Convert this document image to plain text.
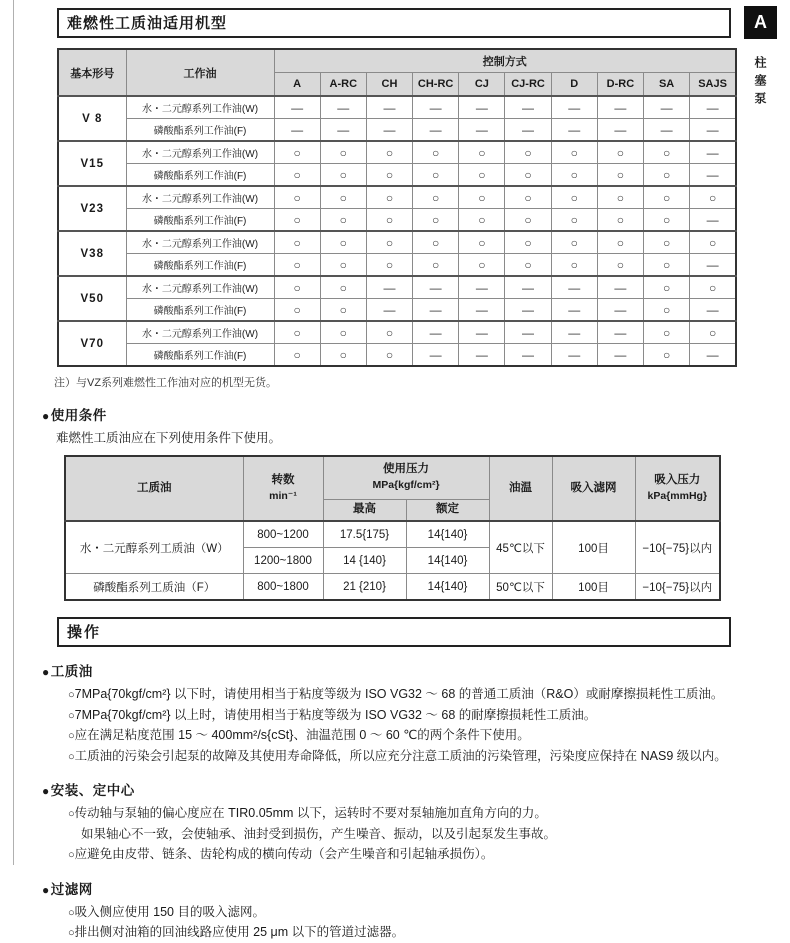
A
柱塞泵
难燃性工质油适用机型
基本形号	工作油	控制方式									
		A	A-RC	CH	CH-RC	CJ	CJ-RC	D	D-RC	SA	SAJS
V 8	水・二元醇系列工作油(W)	—	—	—	—	—	—	—	—	—	—
	磷酸酯系列工作油(F)	—	—	—	—	—	—	—	—	—	—
V15	水・二元醇系列工作油(W)	○	○	○	○	○	○	○	○	○	—
	磷酸酯系列工作油(F)	○	○	○	○	○	○	○	○	○	—
V23	水・二元醇系列工作油(W)	○	○	○	○	○	○	○	○	○	○
	磷酸酯系列工作油(F)	○	○	○	○	○	○	○	○	○	—
V38	水・二元醇系列工作油(W)	○	○	○	○	○	○	○	○	○	○
	磷酸酯系列工作油(F)	○	○	○	○	○	○	○	○	○	—
V50	水・二元醇系列工作油(W)	○	○	—	—	—	—	—	—	○	○
	磷酸酯系列工作油(F)	○	○	—	—	—	—	—	—	○	—
V70	水・二元醇系列工作油(W)	○	○	○	—	—	—	—	—	○	○
	磷酸酯系列工作油(F)	○	○	○	—	—	—	—	—	○	—
注）与VZ系列难燃性工作油对应的机型无货。
●使用条件
难燃性工质油应在下列使用条件下使用。
工质油	转数
min⁻¹	使用压力
MPa{kgf/cm²}		油温	吸入滤网	吸入压力
kPa{mmHg}
		最高	额定			
水・二元醇系列工质油（W）	800~1200	17.5{175}	14{140}	45℃以下	100目	−10{−75}以内
	1200~1800	14 {140}	14{140}			
磷酸酯系列工质油（F）	800~1800	21 {210}	14{140}	50℃以下	100目	−10{−75}以内
操作
●工质油
○7MPa{70kgf/cm²} 以下时，请使用相当于粘度等级为 ISO VG32 ～ 68 的普通工质油（R&O）或耐摩擦损耗性工质油。
○7MPa{70kgf/cm²} 以上时，请使用相当于粘度等级为 ISO VG32 ～ 68 的耐摩擦损耗性工质油。
○应在满足粘度范围 15 ～ 400mm²/s{cSt}、油温范围 0 ～ 60 ℃的两个条件下使用。
○工质油的污染会引起泵的故障及其使用寿命降低，所以应充分注意工质油的污染管理，污染度应保持在 NAS9 级以内。
●安装、定中心
○传动轴与泵轴的偏心度应在 TIR0.05mm 以下，运转时不要对泵轴施加直角方向的力。
如果轴心不一致，会使轴承、油封受到损伤，产生噪音、振动，以及引起泵发生事故。
○应避免由皮带、链条、齿轮构成的横向传动（会产生噪音和引起轴承损伤）。
●过滤网
○吸入侧应使用 150 目的吸入滤网。
○排出侧对油箱的回油线路应使用 25 μm 以下的管道过滤器。
